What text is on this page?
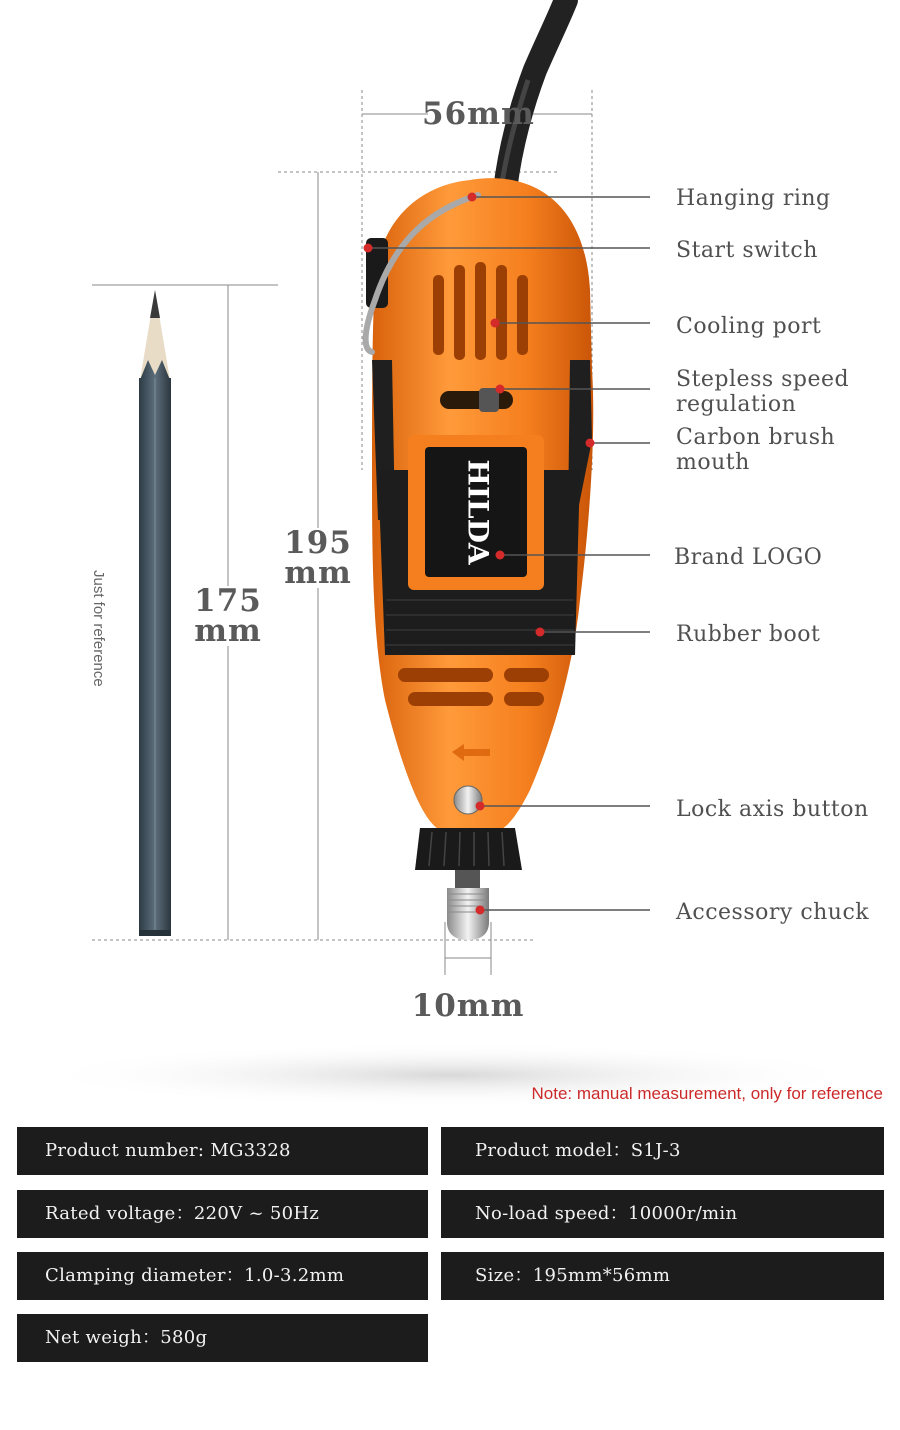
HILDA
56mm
195
mm
175
mm
10mm
Just for reference
Hanging ring
Start switch
Cooling port
Stepless speed
regulation
Carbon brush
mouth
Brand LOGO
Rubber boot
Lock axis button
Accessory chuck
Note: manual measurement, only for reference
Product number: MG3328	Product model：S1J-3
Rated voltage：220V ~ 50Hz	No-load speed：10000r/min
Clamping diameter：1.0-3.2mm	Size：195mm*56mm
Net weigh：580g
